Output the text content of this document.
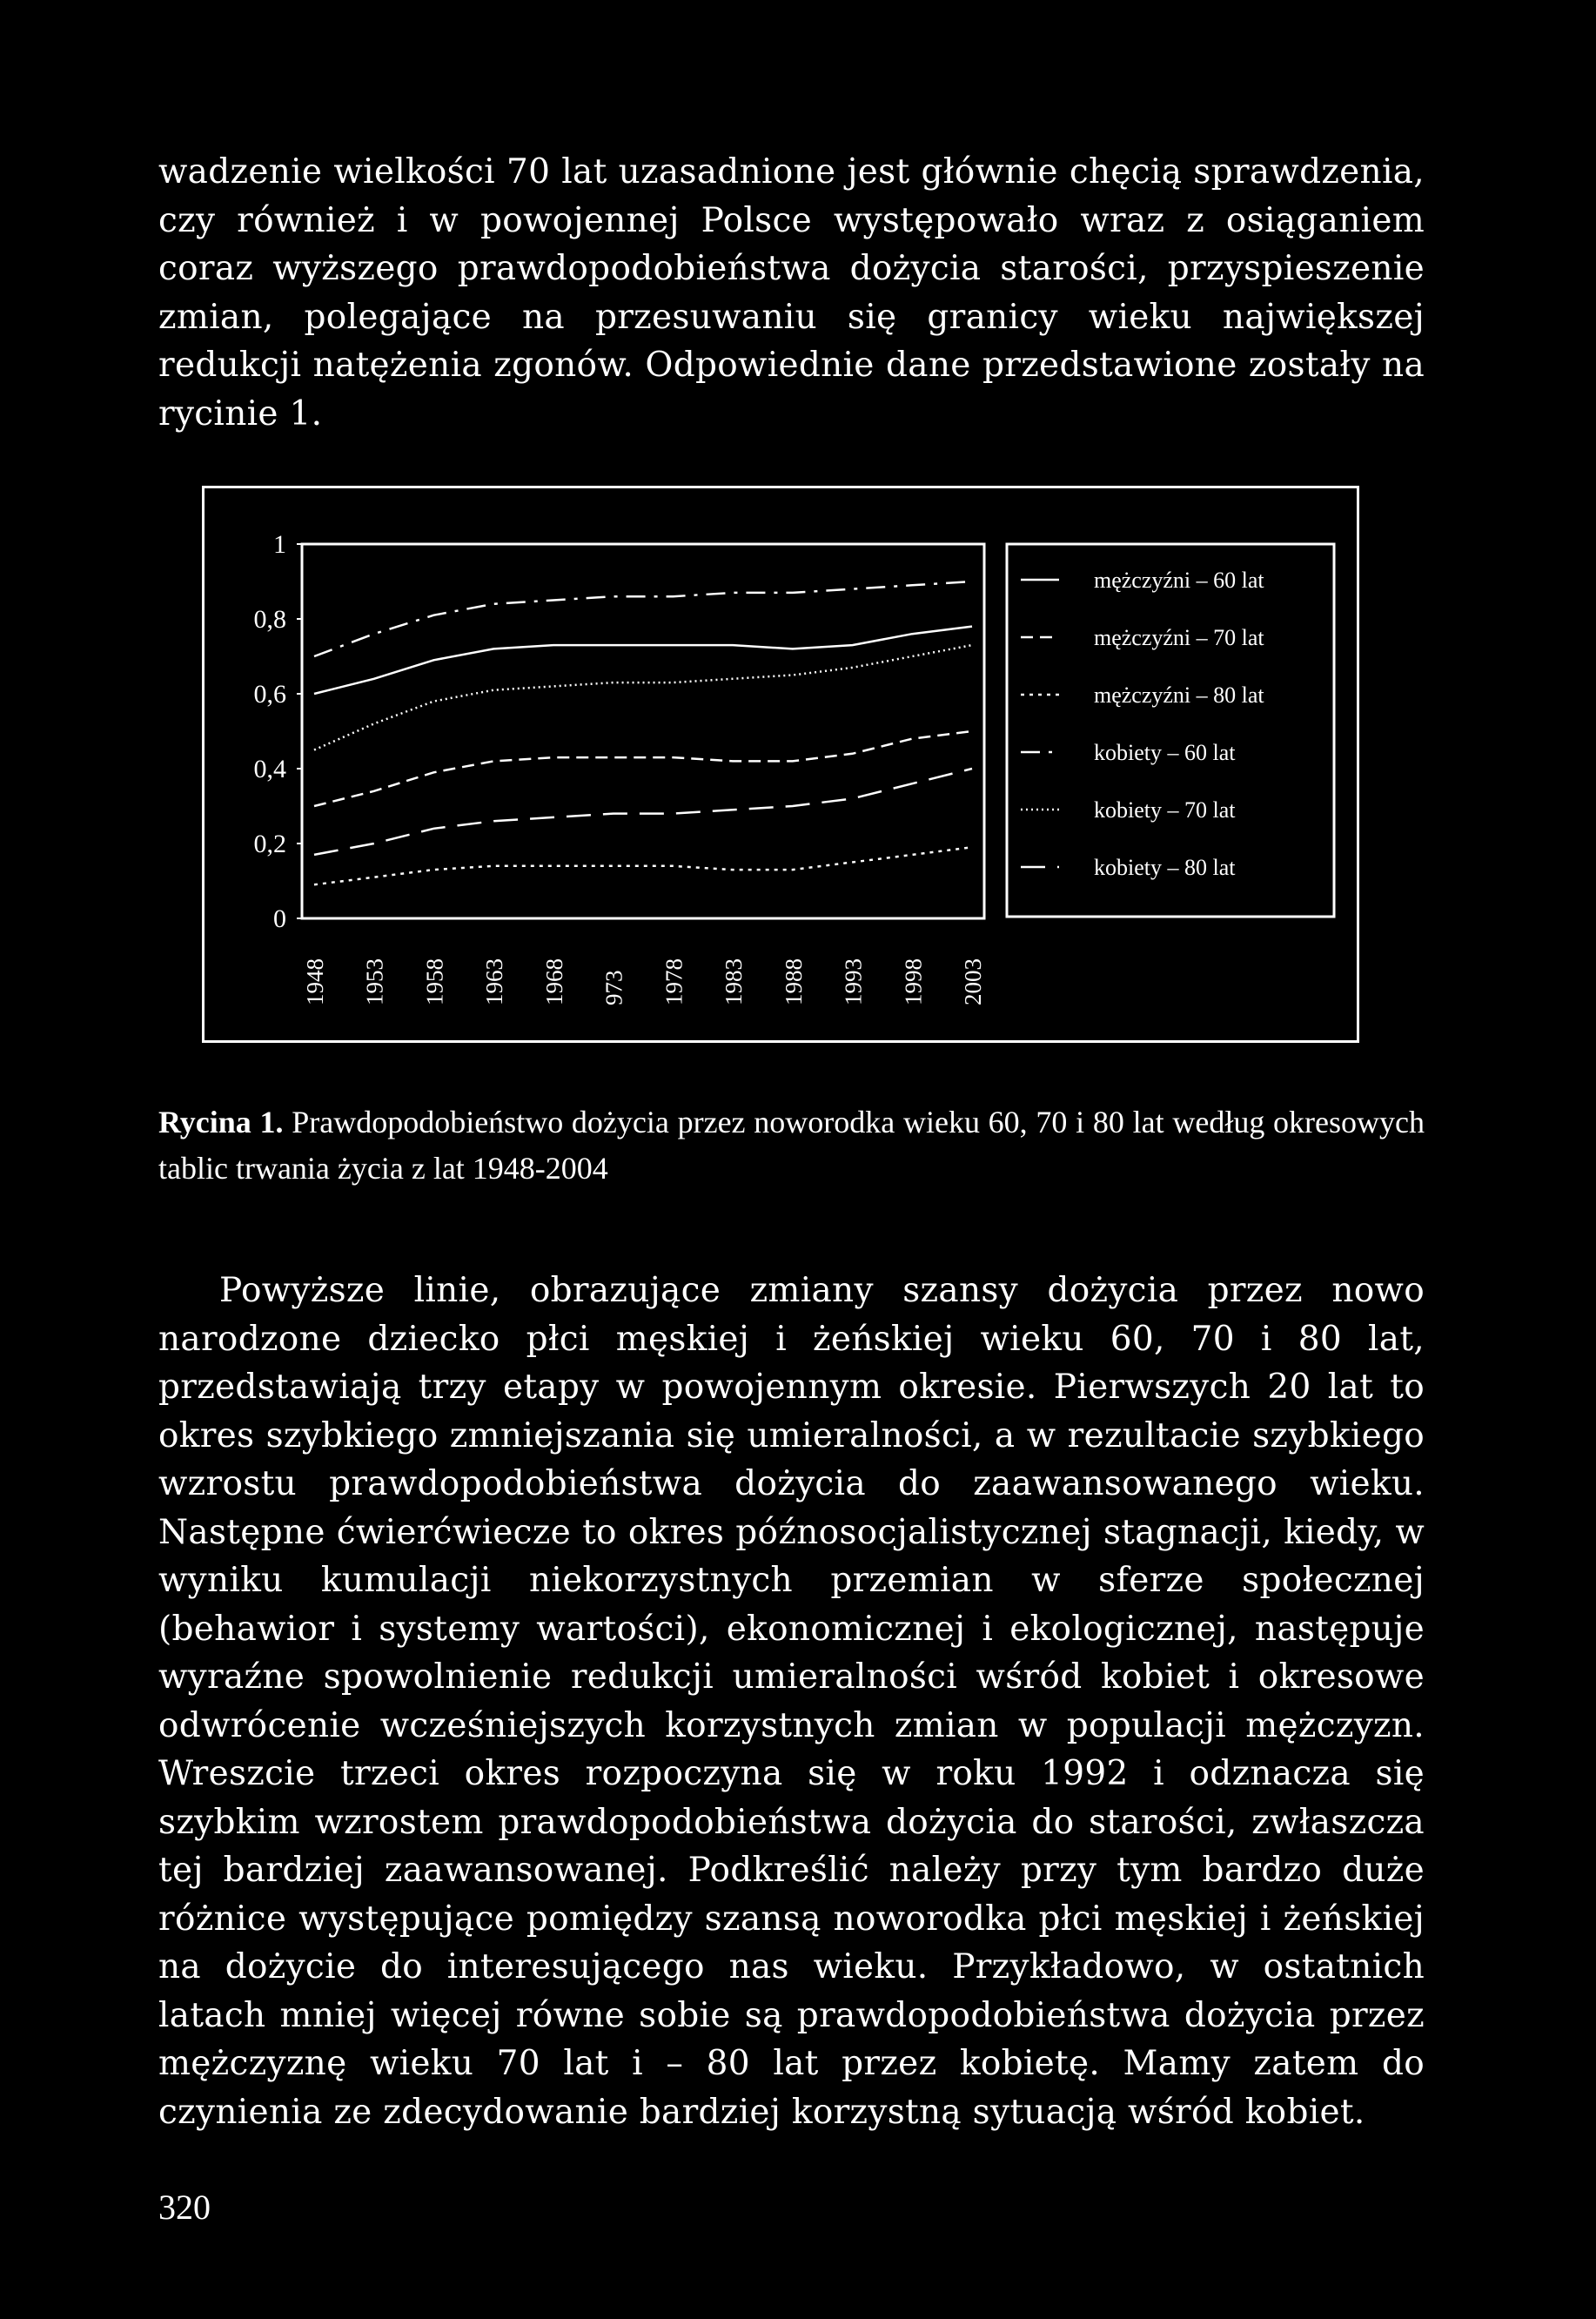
wadzenie wielkości 70 lat uzasadnione jest głównie chęcią sprawdzenia, czy również i w powojennej Polsce występowało wraz z osiąganiem coraz wyższego prawdopodobieństwa dożycia starości, przyspieszenie zmian, polegające na przesuwaniu się granicy wieku największej redukcji natężenia zgonów. Odpowiednie dane przedstawione zostały na rycinie 1.

0
0,2
0,4
0,6
0,8
1
1948 1953 1958 1963 1968 973 1978 1983 1988 1993 1998 2003
mężczyźni – 60 lat
mężczyźni – 70 lat
mężczyźni – 80 lat
kobiety – 60 lat
kobiety – 70 lat
kobiety – 80 lat
Rycina 1. Prawdopodobieństwo dożycia przez noworodka wieku 60, 70 i 80 lat według okresowych tablic trwania życia z lat 1948-2004

Powyższe linie, obrazujące zmiany szansy dożycia przez nowo narodzone dziecko płci męskiej i żeńskiej wieku 60, 70 i 80 lat, przedstawiają trzy etapy w powojennym okresie. Pierwszych 20 lat to okres szybkiego zmniejszania się umieralności, a w rezultacie szybkiego wzrostu prawdopodobieństwa dożycia do zaawansowanego wieku. Następne ćwierćwiecze to okres późnosocjalistycznej stagnacji, kiedy, w wyniku kumulacji niekorzystnych przemian w sferze społecznej (behawior i systemy wartości), ekonomicznej i ekologicznej, następuje wyraźne spowolnienie redukcji umieralności wśród kobiet i okresowe odwrócenie wcześniejszych korzystnych zmian w populacji mężczyzn. Wreszcie trzeci okres rozpoczyna się w roku 1992 i odznacza się szybkim wzrostem prawdopodobieństwa dożycia do starości, zwłaszcza tej bardziej zaawansowanej. Podkreślić należy przy tym bardzo duże różnice występujące pomiędzy szansą noworodka płci męskiej i żeńskiej na dożycie do interesującego nas wieku. Przykładowo, w ostatnich latach mniej więcej równe sobie są prawdopodobieństwa dożycia przez mężczyznę wieku 70 lat i – 80 lat przez kobietę. Mamy zatem do czynienia ze zdecydowanie bardziej korzystną sytuacją wśród kobiet.

320
